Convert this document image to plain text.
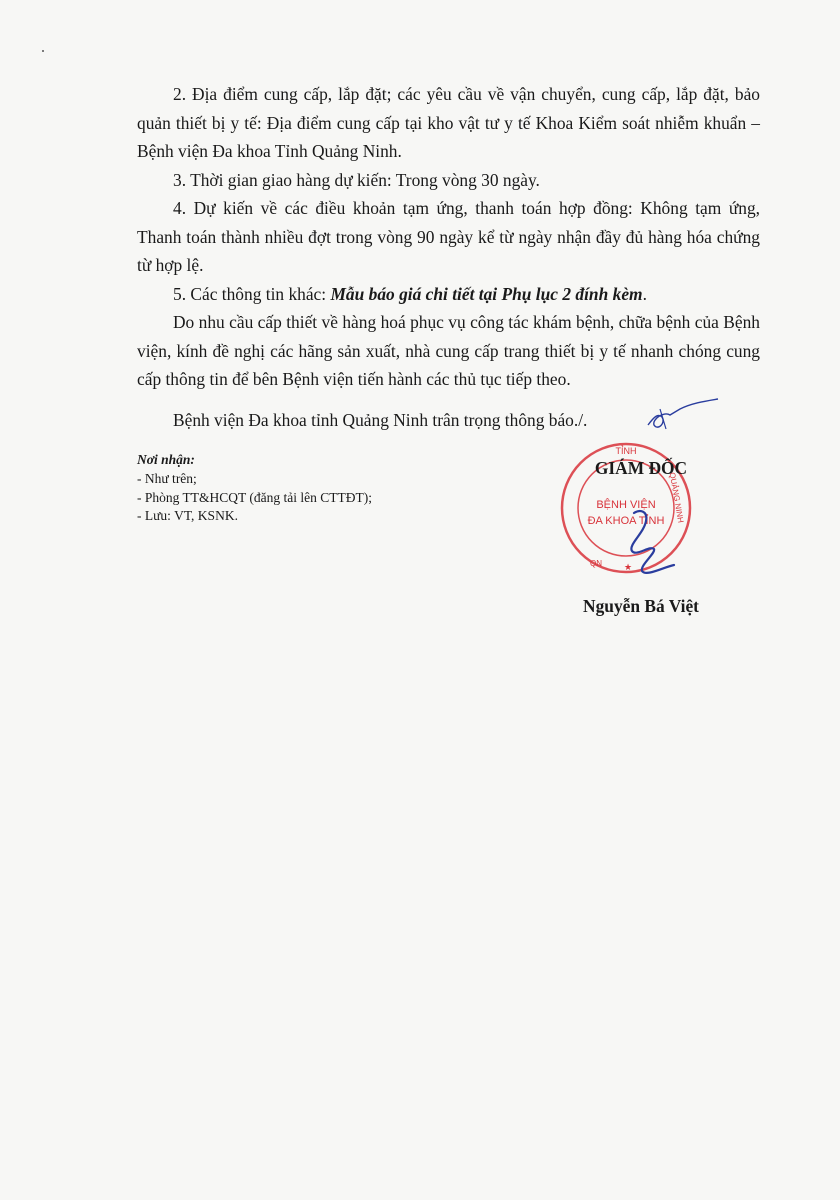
2. Địa điểm cung cấp, lắp đặt; các yêu cầu về vận chuyển, cung cấp, lắp đặt, bảo quản thiết bị y tế: Địa điểm cung cấp tại kho vật tư y tế Khoa Kiểm soát nhiễm khuẩn – Bệnh viện Đa khoa Tỉnh Quảng Ninh.

3. Thời gian giao hàng dự kiến: Trong vòng 30 ngày.

4. Dự kiến về các điều khoản tạm ứng, thanh toán hợp đồng: Không tạm ứng, Thanh toán thành nhiều đợt trong vòng 90 ngày kể từ ngày nhận đầy đủ hàng hóa chứng từ hợp lệ.

5. Các thông tin khác: Mẫu báo giá chi tiết tại Phụ lục 2 đính kèm.

Do nhu cầu cấp thiết về hàng hoá phục vụ công tác khám bệnh, chữa bệnh của Bệnh viện, kính đề nghị các hãng sản xuất, nhà cung cấp trang thiết bị y tế nhanh chóng cung cấp thông tin để bên Bệnh viện tiến hành các thủ tục tiếp theo.

Bệnh viện Đa khoa tỉnh Quảng Ninh trân trọng thông báo./.

Nơi nhận:
- Như trên;
- Phòng TT&HCQT (đăng tải lên CTTĐT);
- Lưu: VT, KSNK.
TỈNH
BỆNH VIỆN
ĐA KHOA TỈNH QUẢNG NINH
QN ★
GIÁM ĐỐC
Nguyễn Bá Việt
